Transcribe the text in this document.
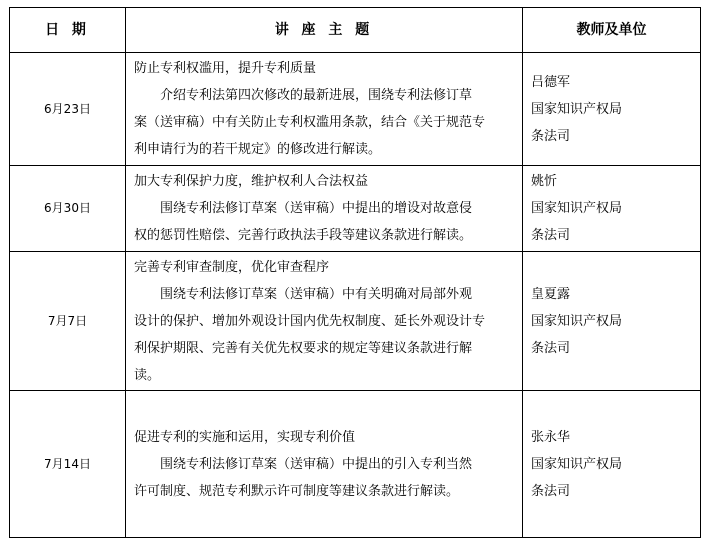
日 期	讲 座 主 题	教师及单位
6月23日	
防止专利权滥用，提升专利质量
介绍专利法第四次修改的最新进展，围绕专利法修订草
案（送审稿）中有关防止专利权滥用条款，结合《关于规范专
利申请行为的若干规定》的修改进行解读。

吕德军
国家知识产权局
条法司

6月30日	
加大专利保护力度，维护权利人合法权益
围绕专利法修订草案（送审稿）中提出的增设对故意侵
权的惩罚性赔偿、完善行政执法手段等建议条款进行解读。

姚忻
国家知识产权局
条法司

7月7日	
完善专利审查制度，优化审查程序
围绕专利法修订草案（送审稿）中有关明确对局部外观
设计的保护、增加外观设计国内优先权制度、延长外观设计专
利保护期限、完善有关优先权要求的规定等建议条款进行解
读。

皇夏露
国家知识产权局
条法司

7月14日	
促进专利的实施和运用，实现专利价值
围绕专利法修订草案（送审稿）中提出的引入专利当然
许可制度、规范专利默示许可制度等建议条款进行解读。

张永华
国家知识产权局
条法司
